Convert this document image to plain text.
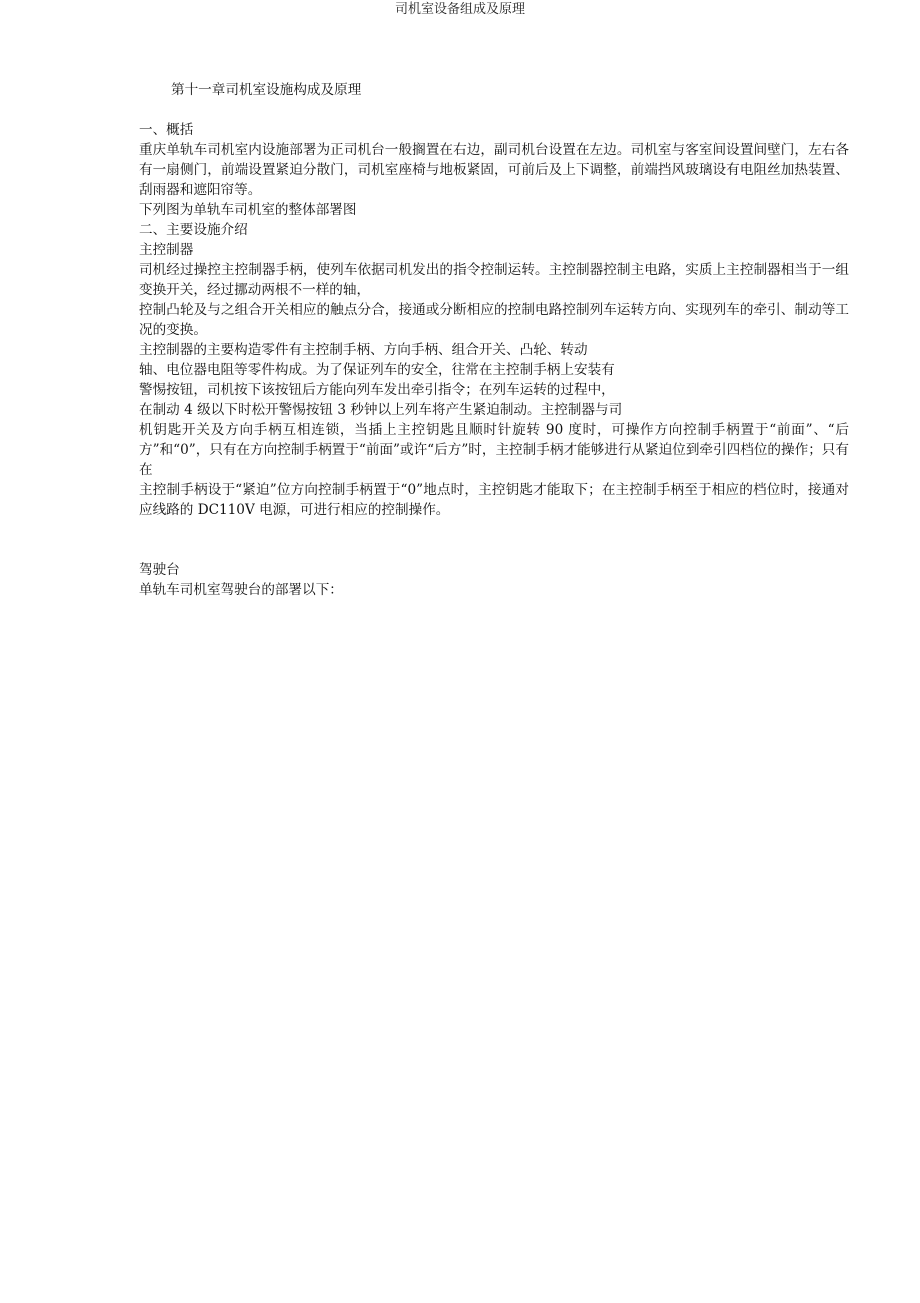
司机室设备组成及原理
第十一章司机室设施构成及原理
一、概括

重庆单轨车司机室内设施部署为正司机台一般搁置在右边，副司机台设置在左边。司机室与客室间设置间壁门，左右各有一扇侧门，前端设置紧迫分散门，司机室座椅与地板紧固，可前后及上下调整，前端挡风玻璃设有电阻丝加热装置、刮雨器和遮阳帘等。

下列图为单轨车司机室的整体部署图

二、主要设施介绍
主控制器

司机经过操控主控制器手柄，使列车依据司机发出的指令控制运转。主控制器控制主电路，实质上主控制器相当于一组变换开关，经过挪动两根不一样的轴，

控制凸轮及与之组合开关相应的触点分合，接通或分断相应的控制电路控制列车运转方向、实现列车的牵引、制动等工况的变换。

主控制器的主要构造零件有主控制手柄、方向手柄、组合开关、凸轮、转动

轴、电位器电阻等零件构成。为了保证列车的安全，往常在主控制手柄上安装有

警惕按钮，司机按下该按钮后方能向列车发出牵引指令；在列车运转的过程中，

在制动 4 级以下时松开警惕按钮 3 秒钟以上列车将产生紧迫制动。主控制器与司

机钥匙开关及方向手柄互相连锁，当插上主控钥匙且顺时针旋转 90 度时，可操作方向控制手柄置于“前面”、“后方”和“0”，只有在方向控制手柄置于“前面”或许“后方”时，主控制手柄才能够进行从紧迫位到牵引四档位的操作；只有在

主控制手柄设于“紧迫”位方向控制手柄置于“0”地点时，主控钥匙才能取下；在主控制手柄至于相应的档位时，接通对应线路的 DC110V 电源，可进行相应的控制操作。

驾驶台

单轨车司机室驾驶台的部署以下：
